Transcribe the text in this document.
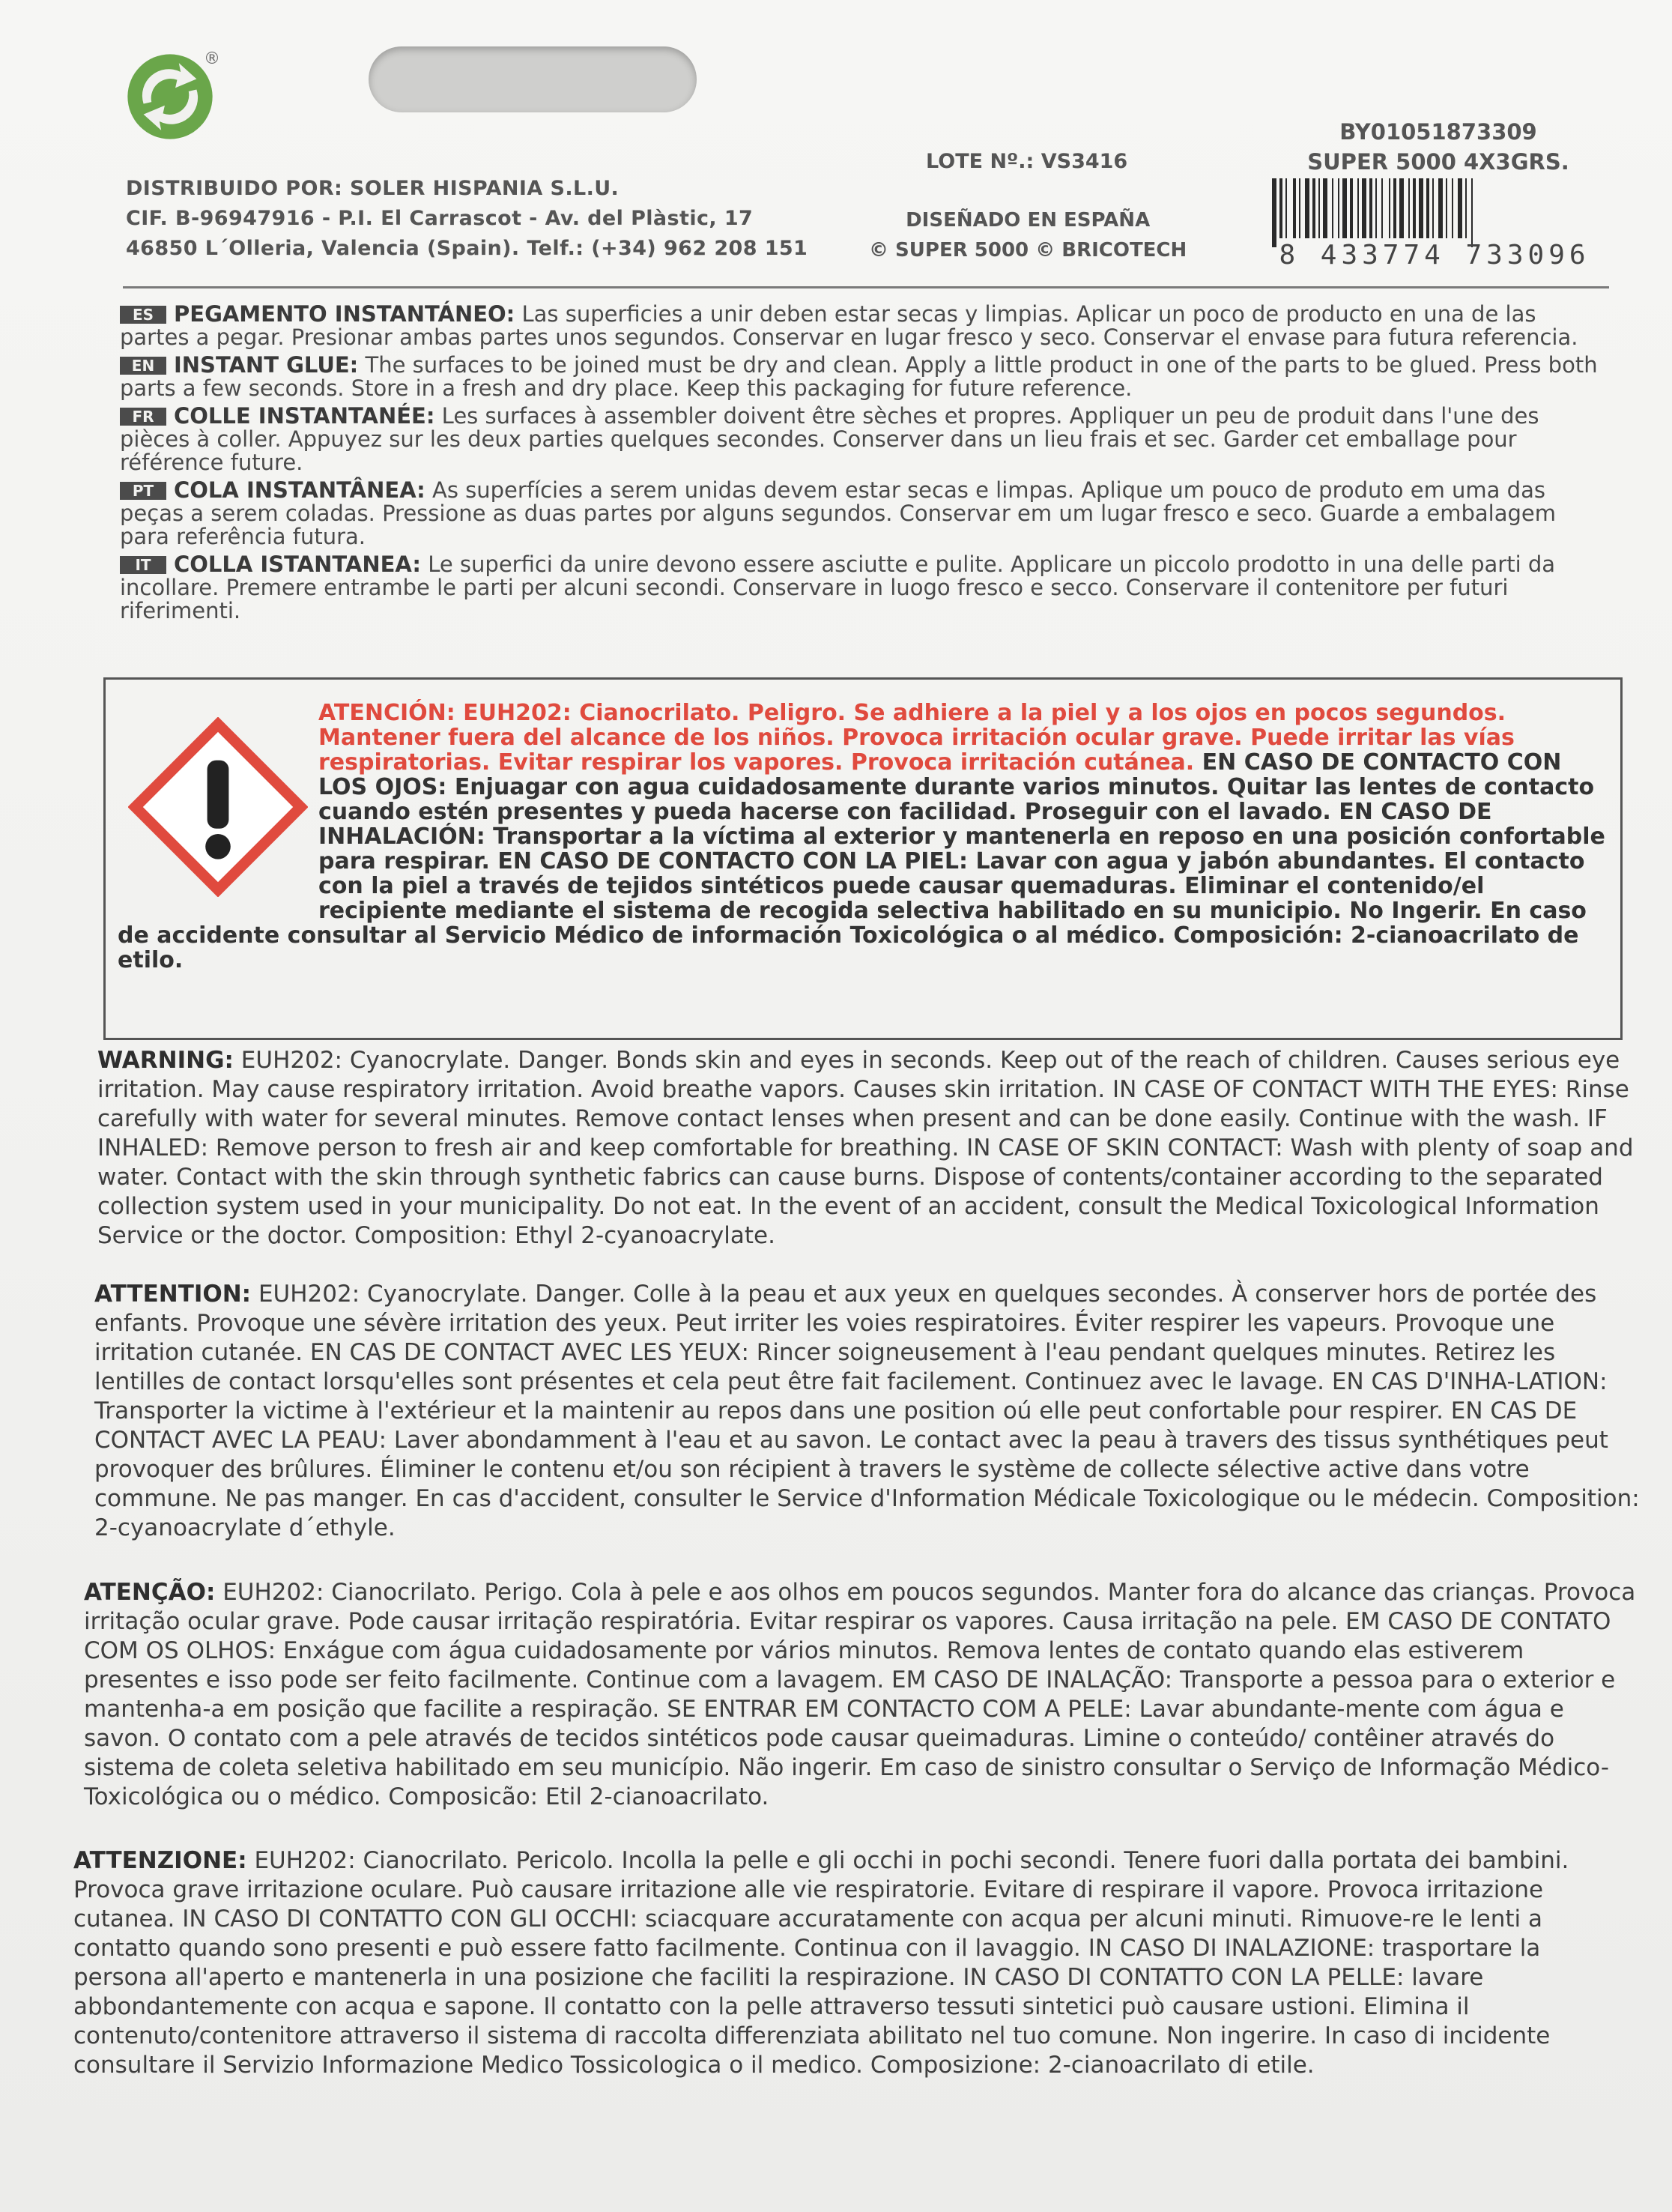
®
DISTRIBUIDO POR: SOLER HISPANIA S.L.U.
CIF. B-96947916 - P.I. El Carrascot - Av. del Plàstic, 17
46850 L´Olleria, Valencia (Spain). Telf.: (+34) 962 208 151
LOTE Nº.: VS3416
DISEÑADO EN ESPAÑA
© SUPER 5000 © BRICOTECH
BY01051873309
SUPER 5000 4X3GRS.
8 433774 733096

ES PEGAMENTO INSTANTÁNEO: Las superficies a unir deben estar secas y limpias. Aplicar un poco de producto en una de las partes a pegar. Presionar ambas partes unos segundos. Conservar en lugar fresco y seco. Conservar el envase para futura referencia.

EN INSTANT GLUE: The surfaces to be joined must be dry and clean. Apply a little product in one of the parts to be glued. Press both parts a few seconds. Store in a fresh and dry place. Keep this packaging for future reference.

FR COLLE INSTANTANÉE: Les surfaces à assembler doivent être sèches et propres. Appliquer un peu de produit dans l'une des pièces à coller. Appuyez sur les deux parties quelques secondes. Conserver dans un lieu frais et sec. Garder cet emballage pour référence future.

PT COLA INSTANTÂNEA: As superfícies a serem unidas devem estar secas e limpas. Aplique um pouco de produto em uma das peças a serem coladas. Pressione as duas partes por alguns segundos. Conservar em um lugar fresco e seco. Guarde a embalagem para referência futura.

IT COLLA ISTANTANEA: Le superfici da unire devono essere asciutte e pulite. Applicare un piccolo prodotto in una delle parti da incollare. Premere entrambe le parti per alcuni secondi. Conservare in luogo fresco e secco. Conservare il contenitore per futuri riferimenti.

ATENCIÓN: EUH202: Cianocrilato. Peligro. Se adhiere a la piel y a los ojos en pocos segundos. Mantener fuera del alcance de los niños. Provoca irritación ocular grave. Puede irritar las vías respiratorias. Evitar respirar los vapores. Provoca irritación cutánea. EN CASO DE CONTACTO CON LOS OJOS: Enjuagar con agua cuidadosamente durante varios minutos. Quitar las lentes de contacto cuando estén presentes y pueda hacerse con facilidad. Proseguir con el lavado. EN CASO DE INHALACIÓN: Transportar a la víctima al exterior y mantenerla en reposo en una posición confortable para respirar. EN CASO DE CONTACTO CON LA PIEL: Lavar con agua y jabón abundantes. El contacto con la piel a través de tejidos sintéticos puede causar quemaduras. Eliminar el contenido/el recipiente mediante el sistema de recogida selectiva habilitado en su municipio. No Ingerir. En caso de accidente consultar al Servicio Médico de información Toxicológica o al médico. Composición: 2-cianoacrilato de etilo.
WARNING: EUH202: Cyanocrylate. Danger. Bonds skin and eyes in seconds. Keep out of the reach of children. Causes serious eye irritation. May cause respiratory irritation. Avoid breathe vapors. Causes skin irritation. IN CASE OF CONTACT WITH THE EYES: Rinse carefully with water for several minutes. Remove contact lenses when present and can be done easily. Continue with the wash. IF INHALED: Remove person to fresh air and keep comfortable for breathing. IN CASE OF SKIN CONTACT: Wash with plenty of soap and water. Contact with the skin through synthetic fabrics can cause burns. Dispose of contents/container according to the separated collection system used in your municipality. Do not eat. In the event of an accident, consult the Medical Toxicological Information Service or the doctor. Composition: Ethyl 2-cyanoacrylate.
ATTENTION: EUH202: Cyanocrylate. Danger. Colle à la peau et aux yeux en quelques secondes. À conserver hors de portée des enfants. Provoque une sévère irritation des yeux. Peut irriter les voies respiratoires. Éviter respirer les vapeurs. Provoque une irritation cutanée. EN CAS DE CONTACT AVEC LES YEUX: Rincer soigneusement à l'eau pendant quelques minutes. Retirez les lentilles de contact lorsqu'elles sont présentes et cela peut être fait facilement. Continuez avec le lavage. EN CAS D'INHA-LATION: Transporter la victime à l'extérieur et la maintenir au repos dans une position oú elle peut confortable pour respirer. EN CAS DE CONTACT AVEC LA PEAU: Laver abondamment à l'eau et au savon. Le contact avec la peau à travers des tissus synthétiques peut provoquer des brûlures. Éliminer le contenu et/ou son récipient à travers le système de collecte sélective active dans votre commune. Ne pas manger. En cas d'accident, consulter le Service d'Information Médicale Toxicologique ou le médecin. Composition: 2-cyanoacrylate d´ethyle.
ATENÇÃO: EUH202: Cianocrilato. Perigo. Cola à pele e aos olhos em poucos segundos. Manter fora do alcance das crianças. Provoca irritação ocular grave. Pode causar irritação respiratória. Evitar respirar os vapores. Causa irritação na pele. EM CASO DE CONTATO COM OS OLHOS: Enxágue com água cuidadosamente por vários minutos. Remova lentes de contato quando elas estiverem presentes e isso pode ser feito facilmente. Continue com a lavagem. EM CASO DE INALAÇÃO: Transporte a pessoa para o exterior e mantenha-a em posição que facilite a respiração. SE ENTRAR EM CONTACTO COM A PELE: Lavar abundante-mente com água e savon. O contato com a pele através de tecidos sintéticos pode causar queimaduras. Limine o conteúdo/ contêiner através do sistema de coleta seletiva habilitado em seu município. Não ingerir. Em caso de sinistro consultar o Serviço de Informação Médico-Toxicológica ou o médico. Composicão: Etil 2-cianoacrilato.
ATTENZIONE: EUH202: Cianocrilato. Pericolo. Incolla la pelle e gli occhi in pochi secondi. Tenere fuori dalla portata dei bambini. Provoca grave irritazione oculare. Può causare irritazione alle vie respiratorie. Evitare di respirare il vapore. Provoca irritazione cutanea. IN CASO DI CONTATTO CON GLI OCCHI: sciacquare accuratamente con acqua per alcuni minuti. Rimuove-re le lenti a contatto quando sono presenti e può essere fatto facilmente. Continua con il lavaggio. IN CASO DI INALAZIONE: trasportare la persona all'aperto e mantenerla in una posizione che faciliti la respirazione. IN CASO DI CONTATTO CON LA PELLE: lavare abbondantemente con acqua e sapone. Il contatto con la pelle attraverso tessuti sintetici può causare ustioni. Elimina il contenuto/contenitore attraverso il sistema di raccolta differenziata abilitato nel tuo comune. Non ingerire. In caso di incidente consultare il Servizio Informazione Medico Tossicologica o il medico. Composizione: 2-cianoacrilato di etile.
